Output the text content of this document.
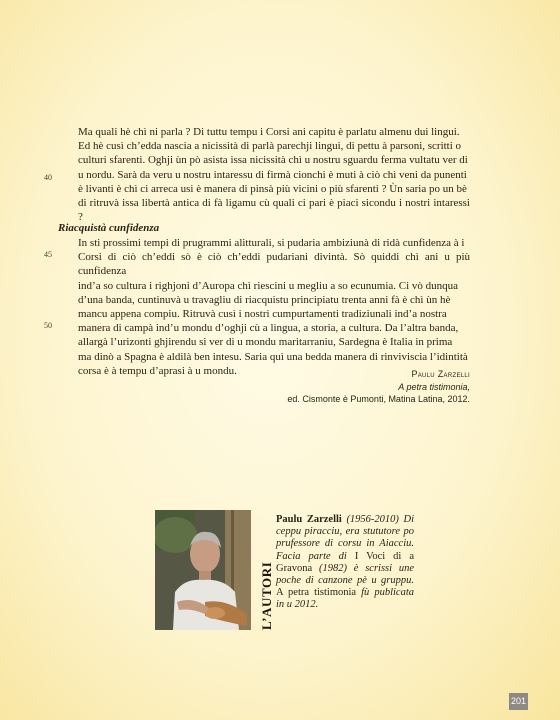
Ma quali hè chì ni parla ? Di tuttu tempu i Corsi ani capitu è parlatu almenu dui lingui.

Ed hè cusì ch’edda nascia a nicissità di parlà parechji lingui, di pettu à parsoni, scritti o

culturi sfarenti. Oghji ùn pò asista issa nicissità chì u nostru sguardu ferma vultatu ver di

u nordu. Sarà da veru u nostru intaressu di firmà cionchi è muti à ciò chì veni da punenti

è livanti è chì ci arreca usi è manera di pinsà più vicini o più sfarenti ? Ùn saria po un bè

di ritruvà issa libertà antica di fà ligamu cù quali ci pari è piaci sicondu i nostri intaressi ?

40
Riacquistà cunfidenza

In sti prossimi tempi di prugrammi alitturali, si pudaria ambiziunà di ridà cunfidenza à i

Corsi di ciò ch’eddi sò è ciò ch’eddi pudariani divintà. Sò quiddi chì ani u più cunfidenza

ind’a so cultura i righjoni d’Auropa chì riescini u megliu a so ecunumia. Ci vò dunqua

d’una banda, cuntinuvà u travagliu di riacquistu principiatu trenta anni fà è chì ùn hè

mancu appena compiu. Ritruvà cusì i nostri cumpurtamenti tradiziunali ind’a nostra

manera di campà ind’u mondu d’oghji cù a lingua, a storia, a cultura. Da l’altra banda,

allargà l’urizonti ghjirendu si ver di u mondu maritarraniu, Sardegna è Italia in prima

ma dinò a Spagna è aldilà ben intesu. Saria quì una bedda manera di rinviviscia l’idintità

corsa è à tempu d’aprasi à u mondu.

45
50
Paulu Zarzelli
A petra tistimonia,
ed. Cismonte è Pumonti, Matina Latina, 2012.
L’AUTORI
Paulu Zarzelli (1956-2010) Di ceppu piracciu, era stututore po prufessore di corsu in Aiacciu. Facia parte di I Voci di a Gravona (1982) è scrissi une poche di canzone pè u gruppu. A petra tistimonia fù publicata in u 2012.
201
